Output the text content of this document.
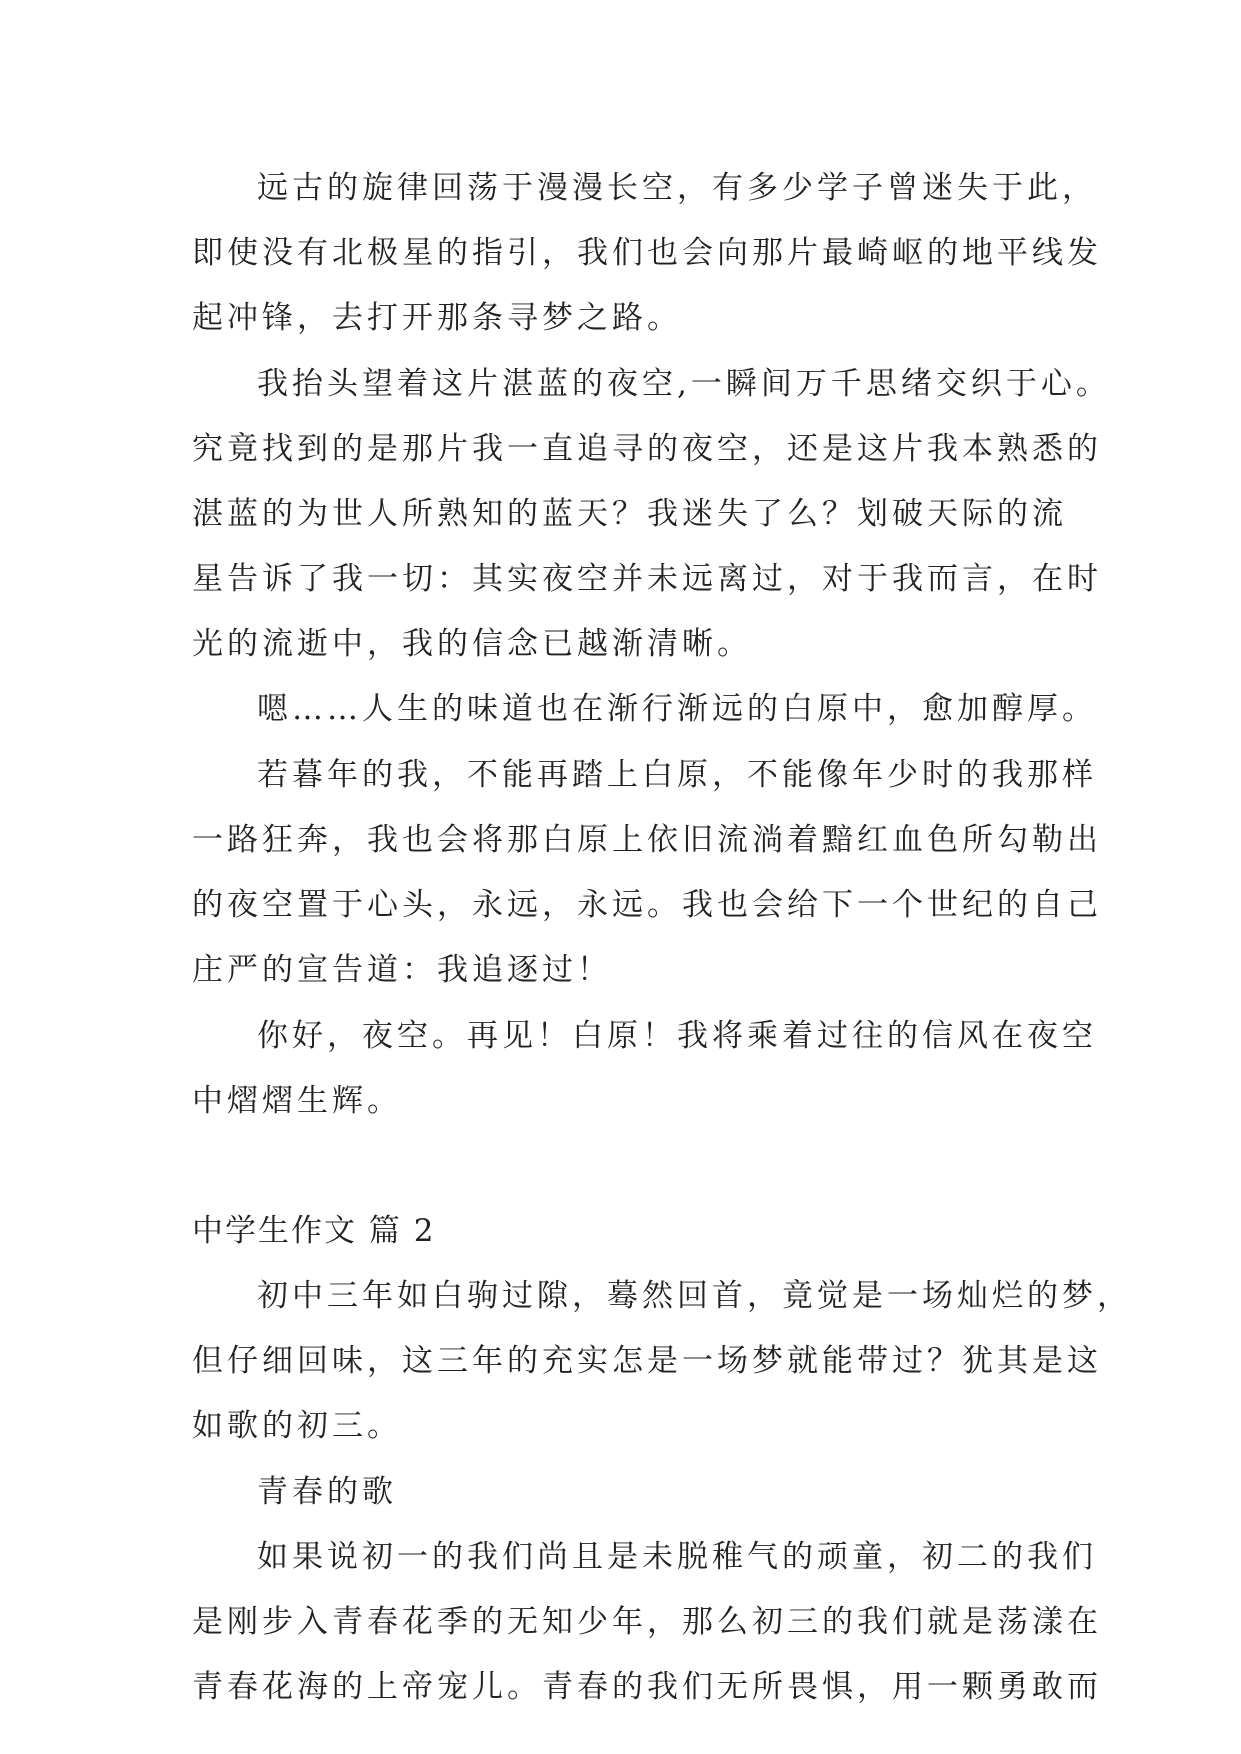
远古的旋律回荡于漫漫长空，有多少学子曾迷失于此，
即使没有北极星的指引，我们也会向那片最崎岖的地平线发
起冲锋，去打开那条寻梦之路。
我抬头望着这片湛蓝的夜空,一瞬间万千思绪交织于心。
究竟找到的是那片我一直追寻的夜空，还是这片我本熟悉的
湛蓝的为世人所熟知的蓝天？我迷失了么？划破天际的流
星告诉了我一切：其实夜空并未远离过，对于我而言，在时
光的流逝中，我的信念已越渐清晰。
嗯……人生的味道也在渐行渐远的白原中，愈加醇厚。
若暮年的我，不能再踏上白原，不能像年少时的我那样
一路狂奔，我也会将那白原上依旧流淌着黯红血色所勾勒出
的夜空置于心头，永远，永远。我也会给下一个世纪的自己
庄严的宣告道：我追逐过！
你好，夜空。再见！白原！我将乘着过往的信风在夜空
中熠熠生辉。
中学生作文 篇 2
初中三年如白驹过隙，蓦然回首，竟觉是一场灿烂的梦，
但仔细回味，这三年的充实怎是一场梦就能带过？犹其是这
如歌的初三。
青春的歌
如果说初一的我们尚且是未脱稚气的顽童，初二的我们
是刚步入青春花季的无知少年，那么初三的我们就是荡漾在
青春花海的上帝宠儿。青春的我们无所畏惧，用一颗勇敢而
